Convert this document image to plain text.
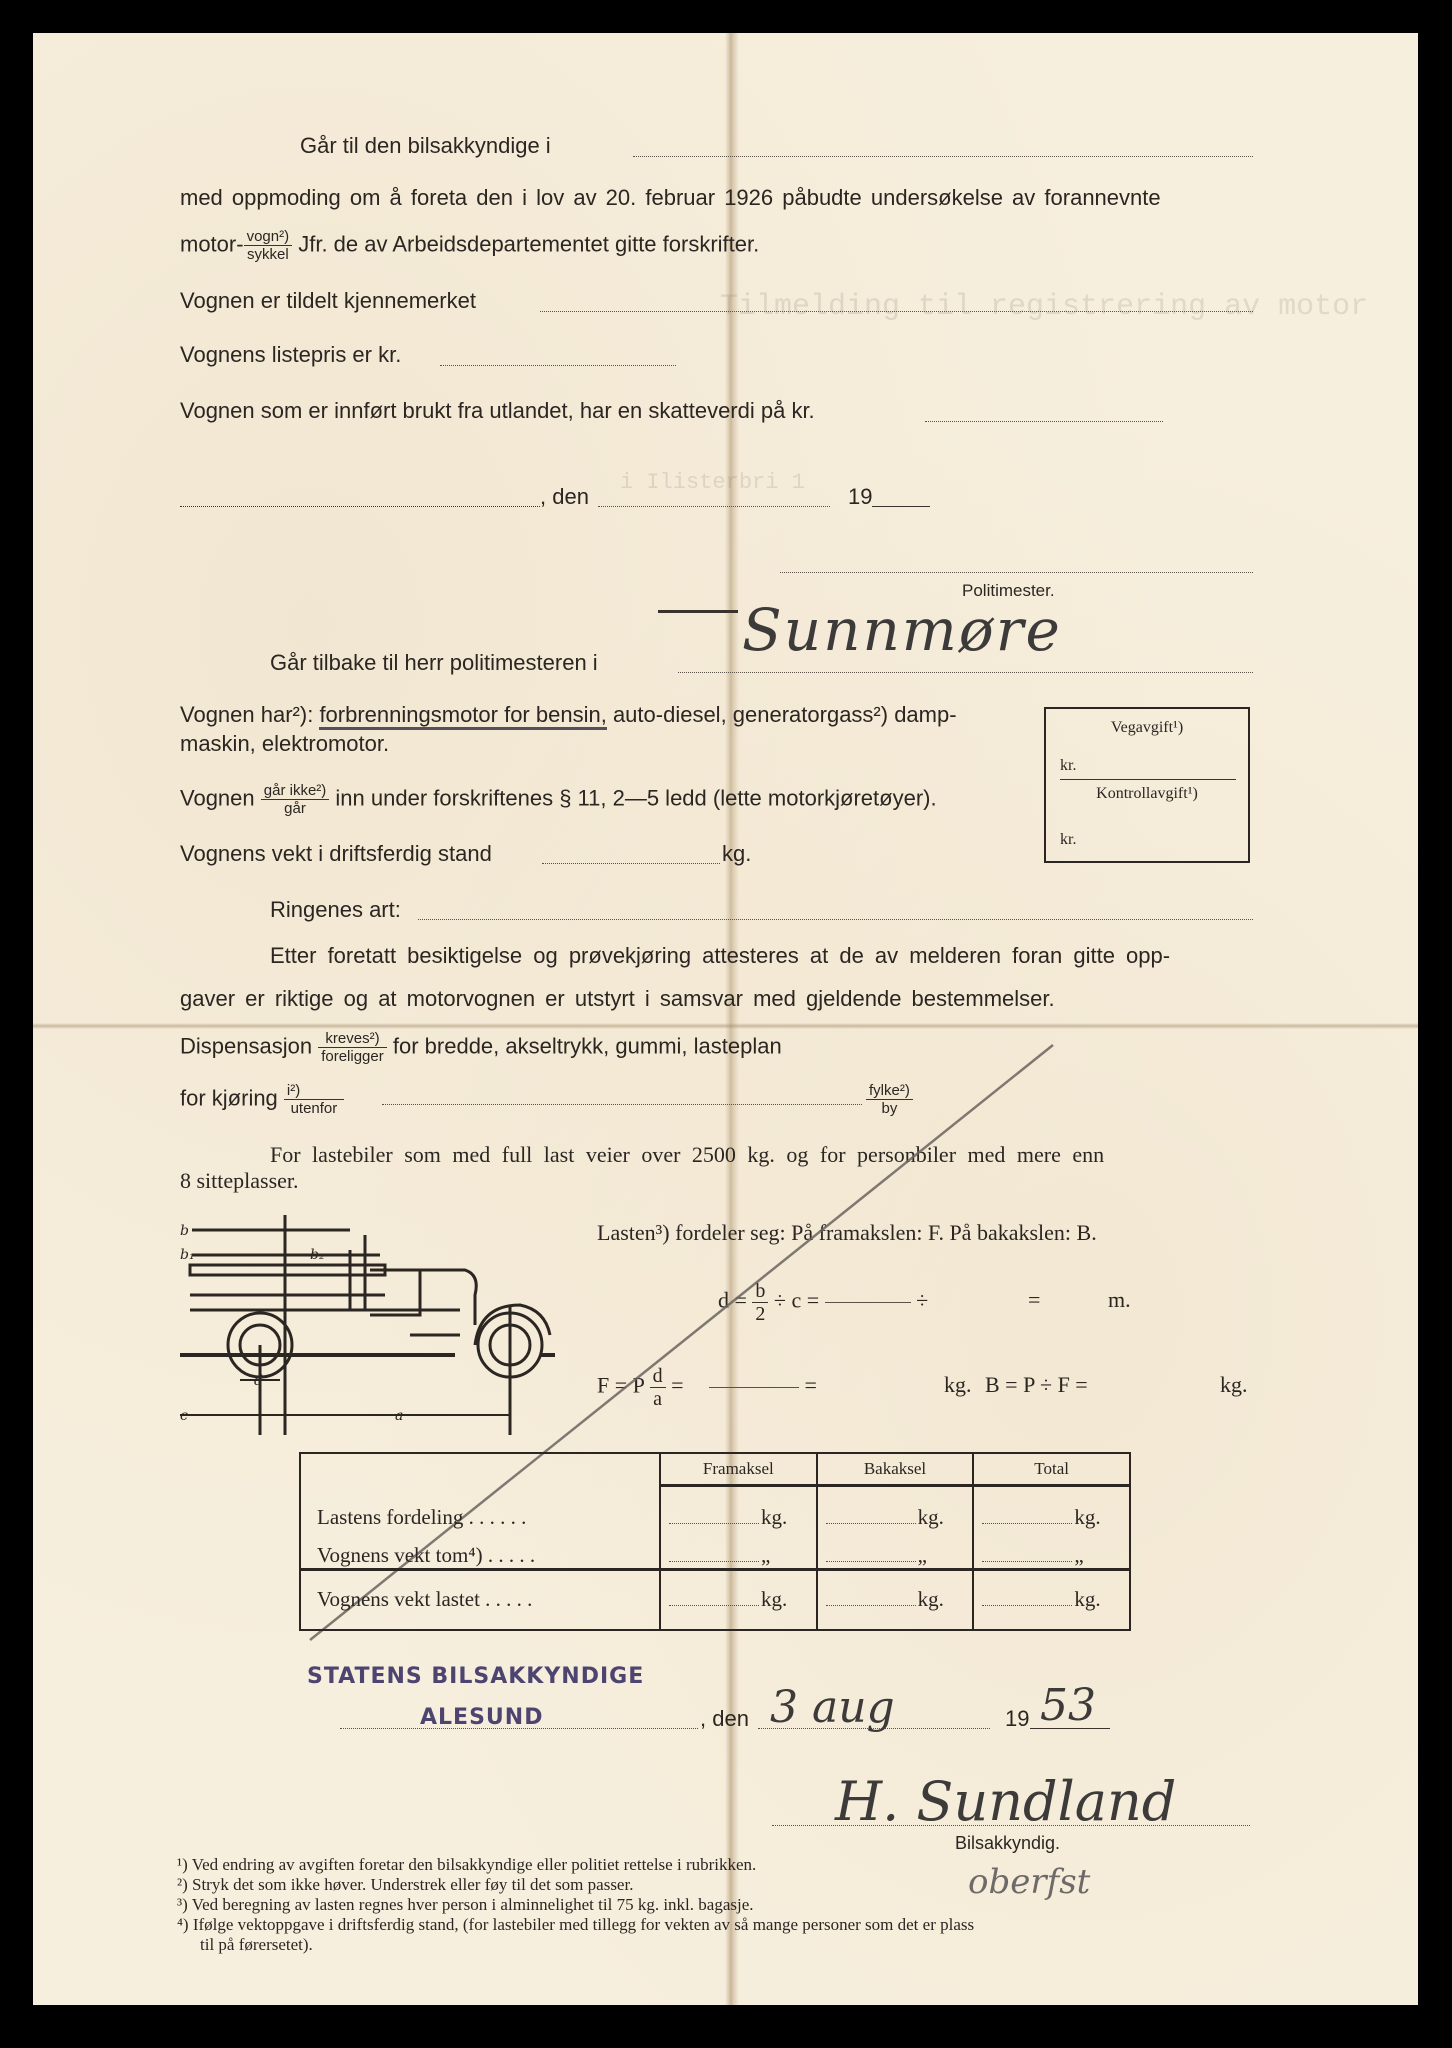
Tilmelding til registrering av motor
i Ilisterbri 1
Går til den bilsakkyndige i
med oppmoding om å foreta den i lov av 20. februar 1926 påbudte undersøkelse av forannevnte
motor- $\frac{\text{vogn²)}}{\text{sykkel}}$ Jfr. de av Arbeidsdepartementet gitte forskrifter.
Vognen er tildelt kjennemerket
Vognens listepris er kr.
Vognen som er innført brukt fra utlandet, har en skatteverdi på kr.
, den	19
Politimester.
Går tilbake til herr politimesteren i Sunnmøre
Vognen har²): forbrenningsmotor for bensin, auto-diesel, generatorgass²) damp-
maskin, elektromotor.
Vegavgift¹)
kr.
Kontrollavgift¹)
kr.
Vognen $\frac{\text{går ikke²)}}{\text{går}}$ inn under forskriftenes § 11, 2—5 ledd (lette motorkjøretøyer).
Vognens vekt i driftsferdig stand	kg.
Ringenes art:
Etter foretatt besiktigelse og prøvekjøring attesteres at de av melderen foran gitte opp-
gaver er riktige og at motorvognen er utstyrt i samsvar med gjeldende bestemmelser.
Dispensasjon $\frac{\text{kreves²)}}{\text{foreligger}}$ for bredde, akseltrykk, gummi, lasteplan
for kjøring $\frac{\text{i²)}}{\text{utenfor}}$	$\frac{\text{fylke²)}}{by}$
For lastebiler som med full last veier over 2500 kg. og for personbiler med mere enn
8 sitteplasser.
b
b₁	b₂
d
c	a
Lasten³) fordeler seg: På framakslen: F. På bakakslen: B.
$d = \frac{b}{2} \div c$ =	÷	=	m.
F = P $\frac{d}{a}$ =	=	kg. B = P ÷ F =	kg.
	Framaksel	Bakaksel	Total
Lastens fordeling . . . . . .	kg.	kg.	kg.
Vognens vekt tom⁴) . . . . .	„	„	„
Vognens vekt lastet . . . . .	kg.	kg.	kg.
STATENS BILSAKKYNDIGE
ALESUND	, den 3 aug	19 53
H. Sundland
Bilsakkyndig.
oberfst
¹) Ved endring av avgiften foretar den bilsakkyndige eller politiet rettelse i rubrikken.
²) Stryk det som ikke høver. Understrek eller føy til det som passer.
³) Ved beregning av lasten regnes hver person i alminnelighet til 75 kg. inkl. bagasje.
⁴) Ifølge vektoppgave i driftsferdig stand, (for lastebiler med tillegg for vekten av så mange personer som det er plass
til på førersetet).
